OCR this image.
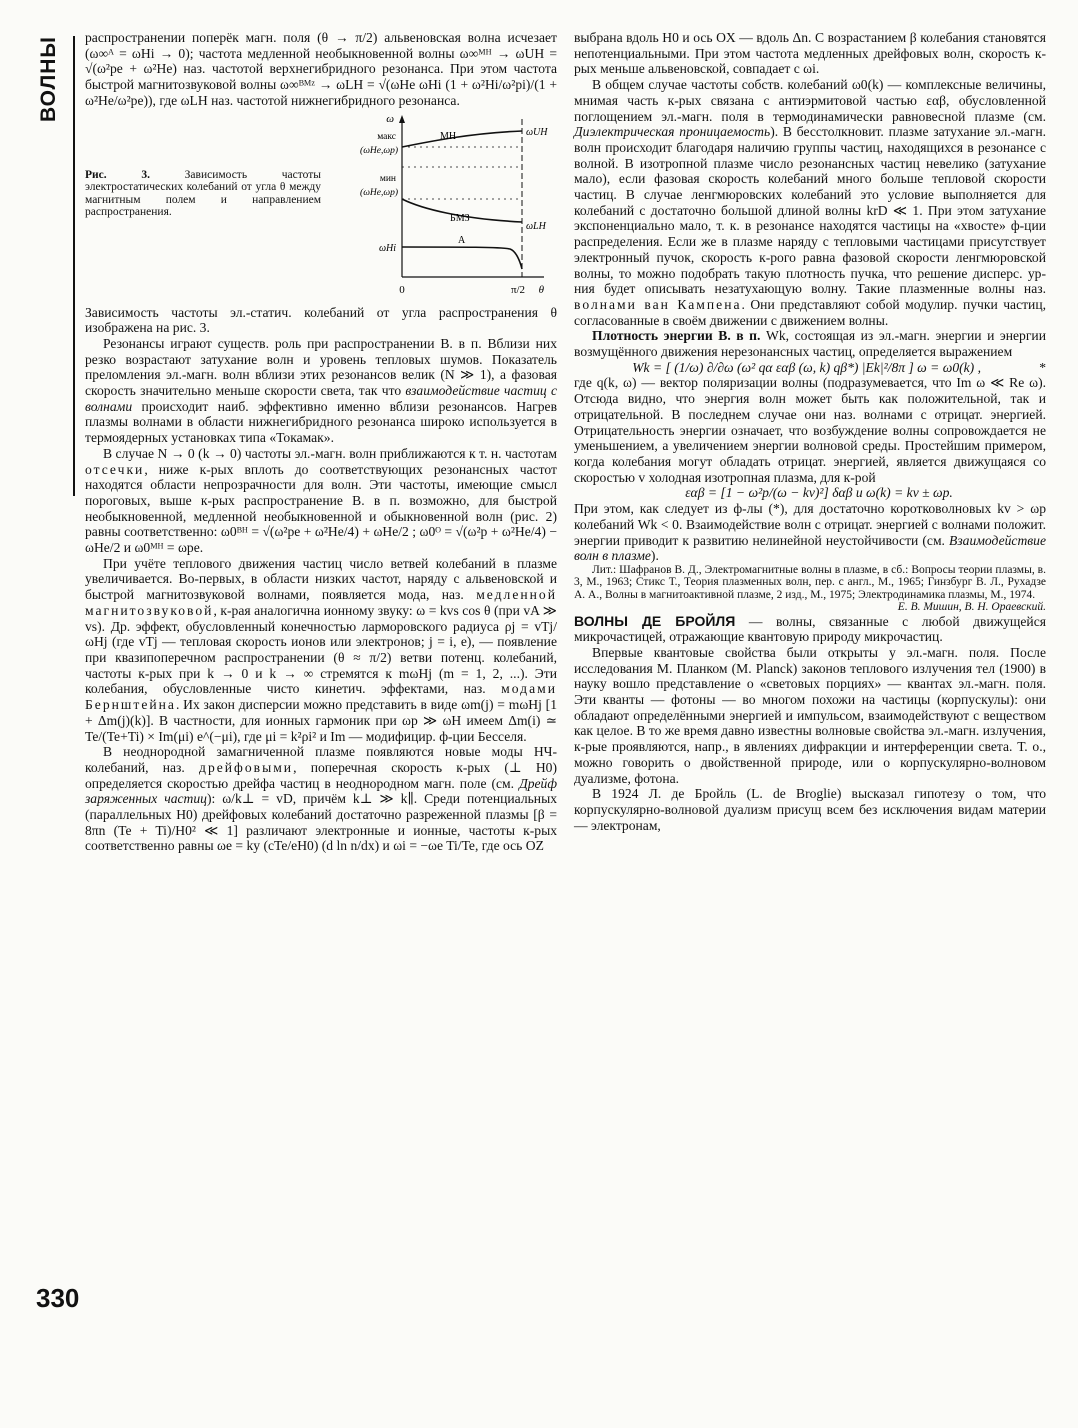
ВОЛНЫ
330

распространении поперёк магн. поля (θ → π/2) альвеновская волна исчезает (ω∞ᴬ = ωHi → 0); частота медленной необыкновенной волны ω∞ᴹᴴ → ωUH = √(ω²pe + ω²He) наз. частотой верхнегибридного резонанса. При этом частота быстрой магнитозвуковой волны ω∞ᴮᴹᶻ → ωLH = √(ωHe ωHi (1 + ω²Hi/ω²pi)/(1 + ω²He/ω²pe)), где ωLH наз. частотой нижнегибридного резонанса.

Рис. 3.	Зависимость частоты электростатических колебаний от угла θ между магнитным полем и направлением распространения.
ω
θ
0	π/2
макс
(ωHe,ωp)
мин
(ωHe,ωp)
ωHi
ωUH
ωLH
МН
БМЗ
А

Зависимость частоты эл.-статич. колебаний от угла распространения θ изображена на рис. 3.

Резонансы играют существ. роль при распространении В. в п. Вблизи них резко возрастают затухание волн и уровень тепловых шумов. Показатель преломления эл.-магн. волн вблизи этих резонансов велик (N ≫ 1), а фазовая скорость значительно меньше скорости света, так что взаимодействие частиц с волнами происходит наиб. эффективно именно вблизи резонансов. Нагрев плазмы волнами в области нижнегибридного резонанса широко используется в термоядерных установках типа «Токамак».

В случае N → 0 (k → 0) частоты эл.-магн. волн приближаются к т. н. частотам отсечки, ниже к-рых вплоть до соответствующих резонансных частот находятся области непрозрачности для волн. Эти частоты, имеющие смысл пороговых, выше к-рых распространение В. в п. возможно, для быстрой необыкновенной, медленной необыкновенной и обыкновенной волн (рис. 2) равны соответственно: ω0ᴮᴴ = √(ω²pe + ω²He/4) + ωHe/2 ; ω0ᴼ = √(ω²p + ω²He/4) − ωHe/2 и ω0ᴹᴴ = ωpe.

При учёте теплового движения частиц число ветвей колебаний в плазме увеличивается. Во-первых, в области низких частот, наряду с альвеновской и быстрой магнитозвуковой волнами, появляется мода, наз. медленной магнитозвуковой, к-рая аналогична ионному звуку: ω = kvs cos θ (при vA ≫ vs). Др. эффект, обусловленный конечностью ларморовского радиуса ρj = vTj/ωHj (где vTj — тепловая скорость ионов или электронов; j = i, e), — появление при квазипоперечном распространении (θ ≈ π/2) ветви потенц. колебаний, частоты к-рых при k → 0 и k → ∞ стремятся к mωHj (m = 1, 2, ...). Эти колебания, обусловленные чисто кинетич. эффектами, наз. модами Бернштейна. Их закон дисперсии можно представить в виде ωm(j) = mωHj [1 + Δm(j)(k)]. В частности, для ионных гармоник при ωp ≫ ωH имеем Δm(i) ≃ Te/(Te+Ti) × Im(μi) e^(−μi), где μi = k²ρi² и Im — модифицир. ф-ции Бесселя.

В неоднородной замагниченной плазме появляются новые моды НЧ-колебаний, наз. дрейфовыми, поперечная скорость к-рых (⊥ H0) определяется скоростью дрейфа частиц в неоднородном магн. поле (см. Дрейф заряженных частиц): ω/k⊥ = vD, причём k⊥ ≫ k∥. Среди потенциальных (параллельных H0) дрейфовых колебаний достаточно разреженной плазмы [β = 8πn (Te + Ti)/H0² ≪ 1] различают электронные и ионные, частоты к-рых соответственно равны ωe = ky (cTe/eH0) (d ln n/dx) и ωi = −ωe Ti/Te, где ось OZ

выбрана вдоль H0 и ось OX — вдоль Δn. С возрастанием β колебания становятся непотенциальными. При этом частота медленных дрейфовых волн, скорость к-рых меньше альвеновской, совпадает с ωi.

В общем случае частоты собств. колебаний ω0(k) — комплексные величины, мнимая часть к-рых связана с антиэрмитовой частью εαβ, обусловленной поглощением эл.-магн. поля в термодинамически равновесной плазме (см. Диэлектрическая проницаемость). В бесстолкновит. плазме затухание эл.-магн. волн происходит благодаря наличию группы частиц, находящихся в резонансе с волной. В изотропной плазме число резонансных частиц невелико (затухание мало), если фазовая скорость колебаний много больше тепловой скорости частиц. В случае ленгмюровских колебаний это условие выполняется для колебаний с достаточно большой длиной волны krD ≪ 1. При этом затухание экспоненциально мало, т. к. в резонансе находятся частицы на «хвосте» ф-ции распределения. Если же в плазме наряду с тепловыми частицами присутствует электронный пучок, скорость к-рого равна фазовой скорости ленгмюровской волны, то можно подобрать такую плотность пучка, что решение дисперс. ур-ния будет описывать незатухающую волну. Такие плазменные волны наз. волнами ван Кампена. Они представляют собой модулир. пучки частиц, согласованные в своём движении с движением волны.

Плотность энергии В. в п. Wk, состоящая из эл.-магн. энергии и энергии возмущённого движения нерезонансных частиц, определяется выражением

Wk = [ (1/ω) ∂/∂ω (ω² qα εαβ (ω, k) qβ*) |Ek|²/8π ] ω = ω0(k) ,	*

где q(k, ω) — вектор поляризации волны (подразумевается, что Im ω ≪ Re ω). Отсюда видно, что энергия волн может быть как положительной, так и отрицательной. В последнем случае они наз. волнами с отрицат. энергией. Отрицательность энергии означает, что возбуждение волны сопровождается не уменьшением, а увеличением энергии волновой среды. Простейшим примером, когда колебания могут обладать отрицат. энергией, является движущаяся со скоростью v холодная изотропная плазма, для к-рой

εαβ = [1 − ω²p/(ω − kv)²] δαβ и ω(k) = kv ± ωp.

При этом, как следует из ф-лы (*), для достаточно коротковолновых kv > ωp колебаний Wk < 0. Взаимодействие волн с отрицат. энергией с волнами положит. энергии приводит к развитию нелинейной неустойчивости (см. Взаимодействие волн в плазме).

Лит.: Шафранов В. Д., Электромагнитные волны в плазме, в сб.: Вопросы теории плазмы, в. 3, М., 1963; Стикс Т., Теория плазменных волн, пер. с англ., М., 1965; Гинзбург В. Л., Рухадзе А. А., Волны в магнитоактивной плазме, 2 изд., М., 1975; Электродинамика плазмы, М., 1974.

Е. В. Мишин, В. Н. Ораевский.

ВОЛНЫ ДЕ БРОЙЛЯ — волны, связанные с любой движущейся микрочастицей, отражающие квантовую природу микрочастиц.

Впервые квантовые свойства были открыты у эл.-магн. поля. После исследования М. Планком (M. Planck) законов теплового излучения тел (1900) в науку вошло представление о «световых порциях» — квантах эл.-магн. поля. Эти кванты — фотоны — во многом похожи на частицы (корпускулы): они обладают определёнными энергией и импульсом, взаимодействуют с веществом как целое. В то же время давно известны волновые свойства эл.-магн. излучения, к-рые проявляются, напр., в явлениях дифракции и интерференции света. Т. о., можно говорить о двойственной природе, или о корпускулярно-волновом дуализме, фотона.

В 1924 Л. де Бройль (L. de Broglie) высказал гипотезу о том, что корпускулярно-волновой дуализм присущ всем без исключения видам материи — электронам,
